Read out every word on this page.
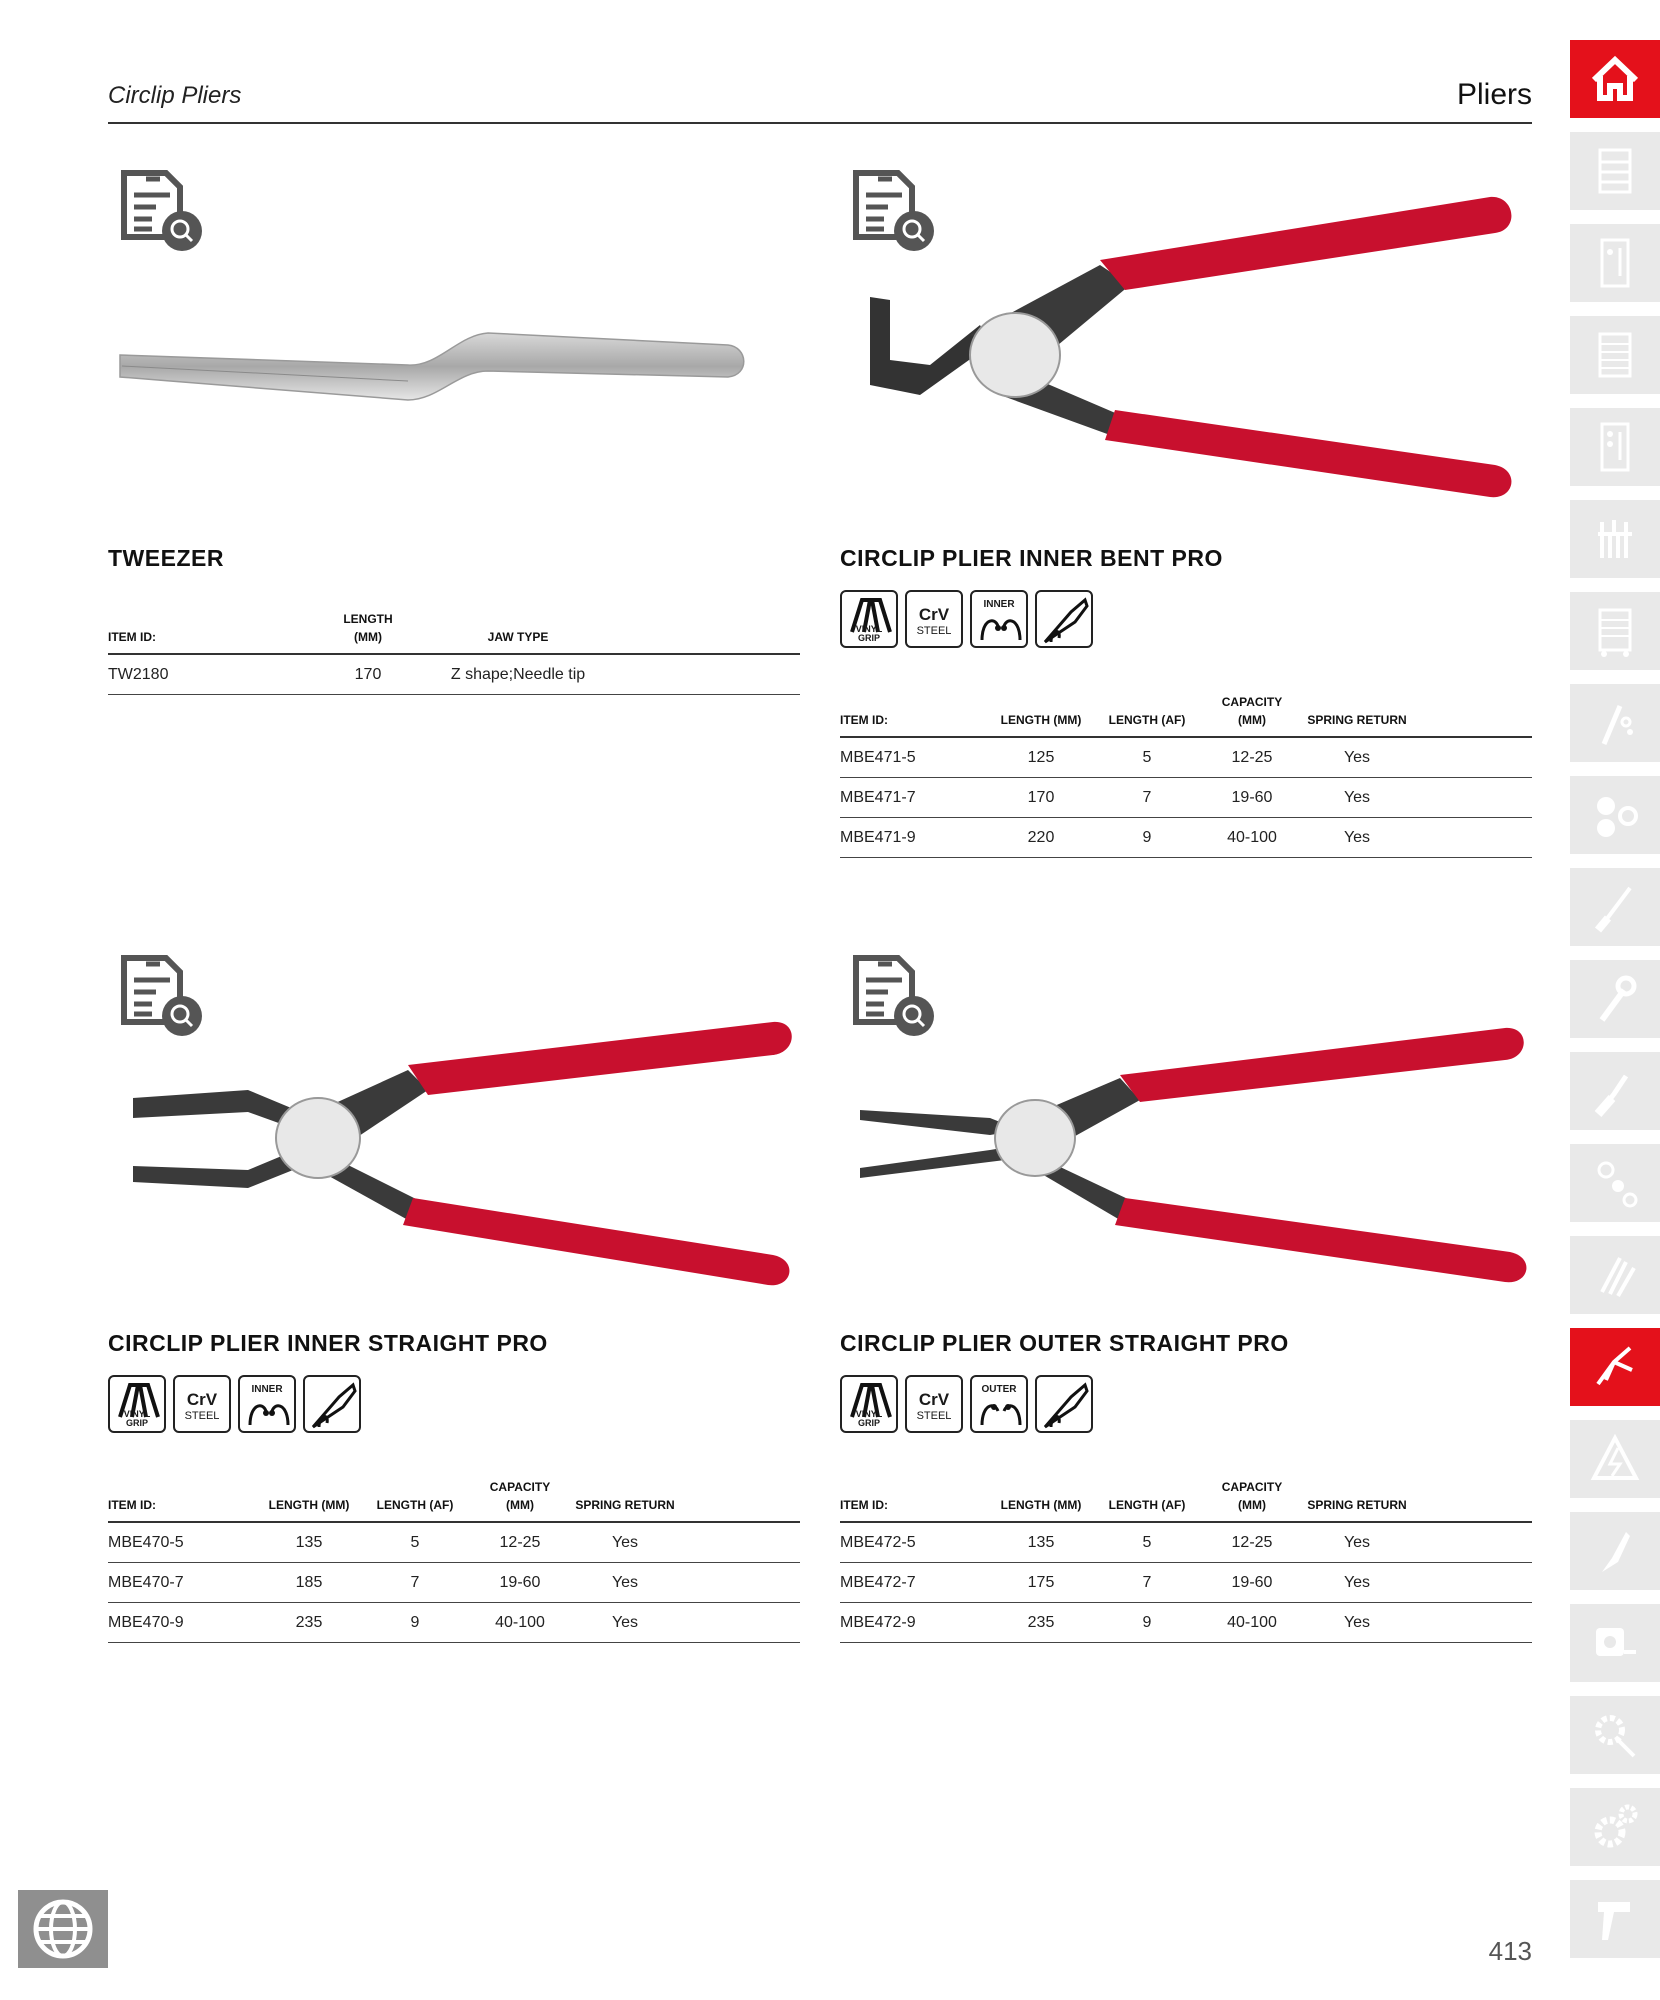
Circlip Pliers	Pliers
TWEEZER
ITEM ID:	LENGTH (MM)	JAW TYPE	
TW2180	170	Z shape;Needle tip	
CIRCLIP PLIER INNER BENT PRO
VINYL
GRIP
CrV
STEEL
INNER
ITEM ID:	LENGTH (MM)	LENGTH (AF)	CAPACITY (MM)	SPRING RETURN	
MBE471-5	125	5	12-25	Yes	
MBE471-7	170	7	19-60	Yes	
MBE471-9	220	9	40-100	Yes	
CIRCLIP PLIER INNER STRAIGHT PRO
VINYL
GRIP
CrV
STEEL
INNER
ITEM ID:	LENGTH (MM)	LENGTH (AF)	CAPACITY (MM)	SPRING RETURN	
MBE470-5	135	5	12-25	Yes	
MBE470-7	185	7	19-60	Yes	
MBE470-9	235	9	40-100	Yes	
CIRCLIP PLIER OUTER STRAIGHT PRO
VINYL
GRIP
CrV
STEEL
OUTER
ITEM ID:	LENGTH (MM)	LENGTH (AF)	CAPACITY (MM)	SPRING RETURN	
MBE472-5	135	5	12-25	Yes	
MBE472-7	175	7	19-60	Yes	
MBE472-9	235	9	40-100	Yes	
413
